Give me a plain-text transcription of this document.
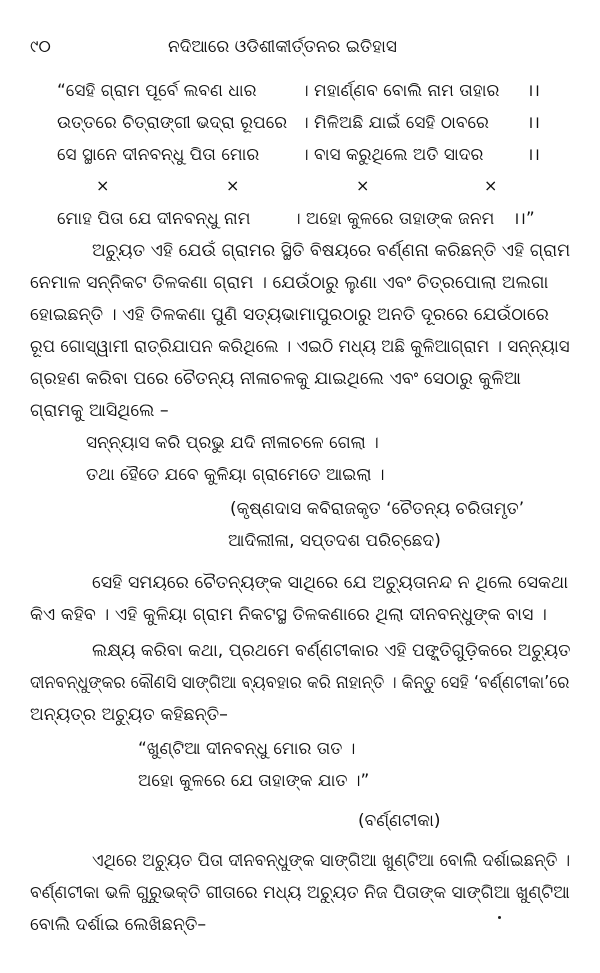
୯୦	ନଦିଆରେ ଓଡିଶୀକୀର୍ତ୍ତନର ଇତିହାସ
“ସେହି ଗ୍ରାମ ପୂର୍ବେ ଲବଣ ଧାର	। ମହାର୍ଣ୍ଣବ ବୋଲି ନାମ ତାହାର ।।
ଉତ୍ତରେ ଚିତ୍ରାଙ୍ଗୀ ଭଦ୍ରା ରୂପରେ । ମିଳିଅଛି ଯାଇଁ ସେହି ଠାବରେ ।।
ସେ ସ୍ଥାନେ ଦୀନବନ୍ଧୁ ପିତା ମୋର । ବାସ କରୁଥିଲେ ଅତି ସାଦର	।।
×	×	×	×
ମୋହ ପିତା ଯେ ଦୀନବନ୍ଧୁ ନାମ	। ଅହୋ କୁଳରେ ତାହାଙ୍କ ଜନମ ।।”
ଅଚ୍ୟୁତ ଏହି ଯେଉଁ ଗ୍ରାମର ସ୍ଥିତି ବିଷୟରେ ବର୍ଣ୍ଣନା କରିଛନ୍ତି ଏହି ଗ୍ରାମ
ନେମାଳ ସନ୍ନିକଟ ତିଳକଣା ଗ୍ରାମ । ଯେଉଁଠାରୁ ଲୁଣା ଏବଂ ଚିତ୍ରପୋଲା ଅଲଗା
ହୋଇଛନ୍ତି । ଏହି ତିଳକଣା ପୁଣି ସତ୍ୟଭାମାପୁରଠାରୁ ଅନତି ଦୂରରେ ଯେଉଁଠାରେ
ରୂପ ଗୋସ୍ୱାମୀ ରାତ୍ରିଯାପନ କରିଥିଲେ । ଏଇଠି ମଧ୍ୟ ଅଛି କୁଳିଆଗ୍ରାମ । ସନ୍ନ୍ୟାସ
ଗ୍ରହଣ କରିବା ପରେ ଚୈତନ୍ୟ ନୀଳାଚଳକୁ ଯାଇଥିଲେ ଏବଂ ସେଠାରୁ କୁଳିଆ
ଗ୍ରାମକୁ ଆସିଥିଲେ –
ସନ୍ନ୍ୟାସ କରି ପ୍ରଭୁ ଯଦି ନୀଳାଚଳେ ଗେଲା ।
ତଥା ହୈତେ ଯବେ କୁଳିୟା ଗ୍ରାମେତେ ଆଇଲା ।
(କୃଷ୍ଣଦାସ କବିରାଜକୃତ ‘ଚୈତନ୍ୟ ଚରିତାମୃତ’
ଆଦିଲୀଳା, ସପ୍ତଦଶ ପରିଚ୍ଛେଦ)
ସେହି ସମୟରେ ଚୈତନ୍ୟଙ୍କ ସାଥିରେ ଯେ ଅଚ୍ୟୁତାନନ୍ଦ ନ ଥିଲେ ସେକଥା
କିଏ କହିବ । ଏହି କୁଳିୟା ଗ୍ରାମ ନିକଟସ୍ଥ ତିଳକଣାରେ ଥିଲା ଦୀନବନ୍ଧୁଙ୍କ ବାସ ।
ଲକ୍ଷ୍ୟ କରିବା କଥା, ପ୍ରଥମେ ବର୍ଣ୍ଣଟୀକାର ଏହି ପଙ୍କ୍ତିଗୁଡ଼ିକରେ ଅଚ୍ୟୁତ
ଦୀନବନ୍ଧୁଙ୍କର କୌଣସି ସାଙ୍ଗିଆ ବ୍ୟବହାର କରି ନାହାନ୍ତି । କିନ୍ତୁ ସେହି ‘ବର୍ଣ୍ଣଟୀକା’ରେ
ଅନ୍ୟତ୍ର ଅଚ୍ୟୁତ କହିଛନ୍ତି–
“ଖୁଣ୍ଟିଆ ଦୀନବନ୍ଧୁ ମୋର ତାତ ।
ଅହୋ କୁଳରେ ଯେ ତାହାଙ୍କ ଯାତ ।”
(ବର୍ଣ୍ଣଟୀକା)
ଏଥିରେ ଅଚ୍ୟୁତ ପିତା ଦୀନବନ୍ଧୁଙ୍କ ସାଙ୍ଗିଆ ଖୁଣ୍ଟିଆ ବୋଲି ଦର୍ଶାଇଛନ୍ତି ।
ବର୍ଣ୍ଣଟୀକା ଭଳି ଗୁରୁଭକ୍ତି ଗୀତାରେ ମଧ୍ୟ ଅଚ୍ୟୁତ ନିଜ ପିତାଙ୍କ ସାଙ୍ଗିଆ ଖୁଣ୍ଟିଆ
ବୋଲି ଦର୍ଶାଇ ଲେଖିଛନ୍ତି–
